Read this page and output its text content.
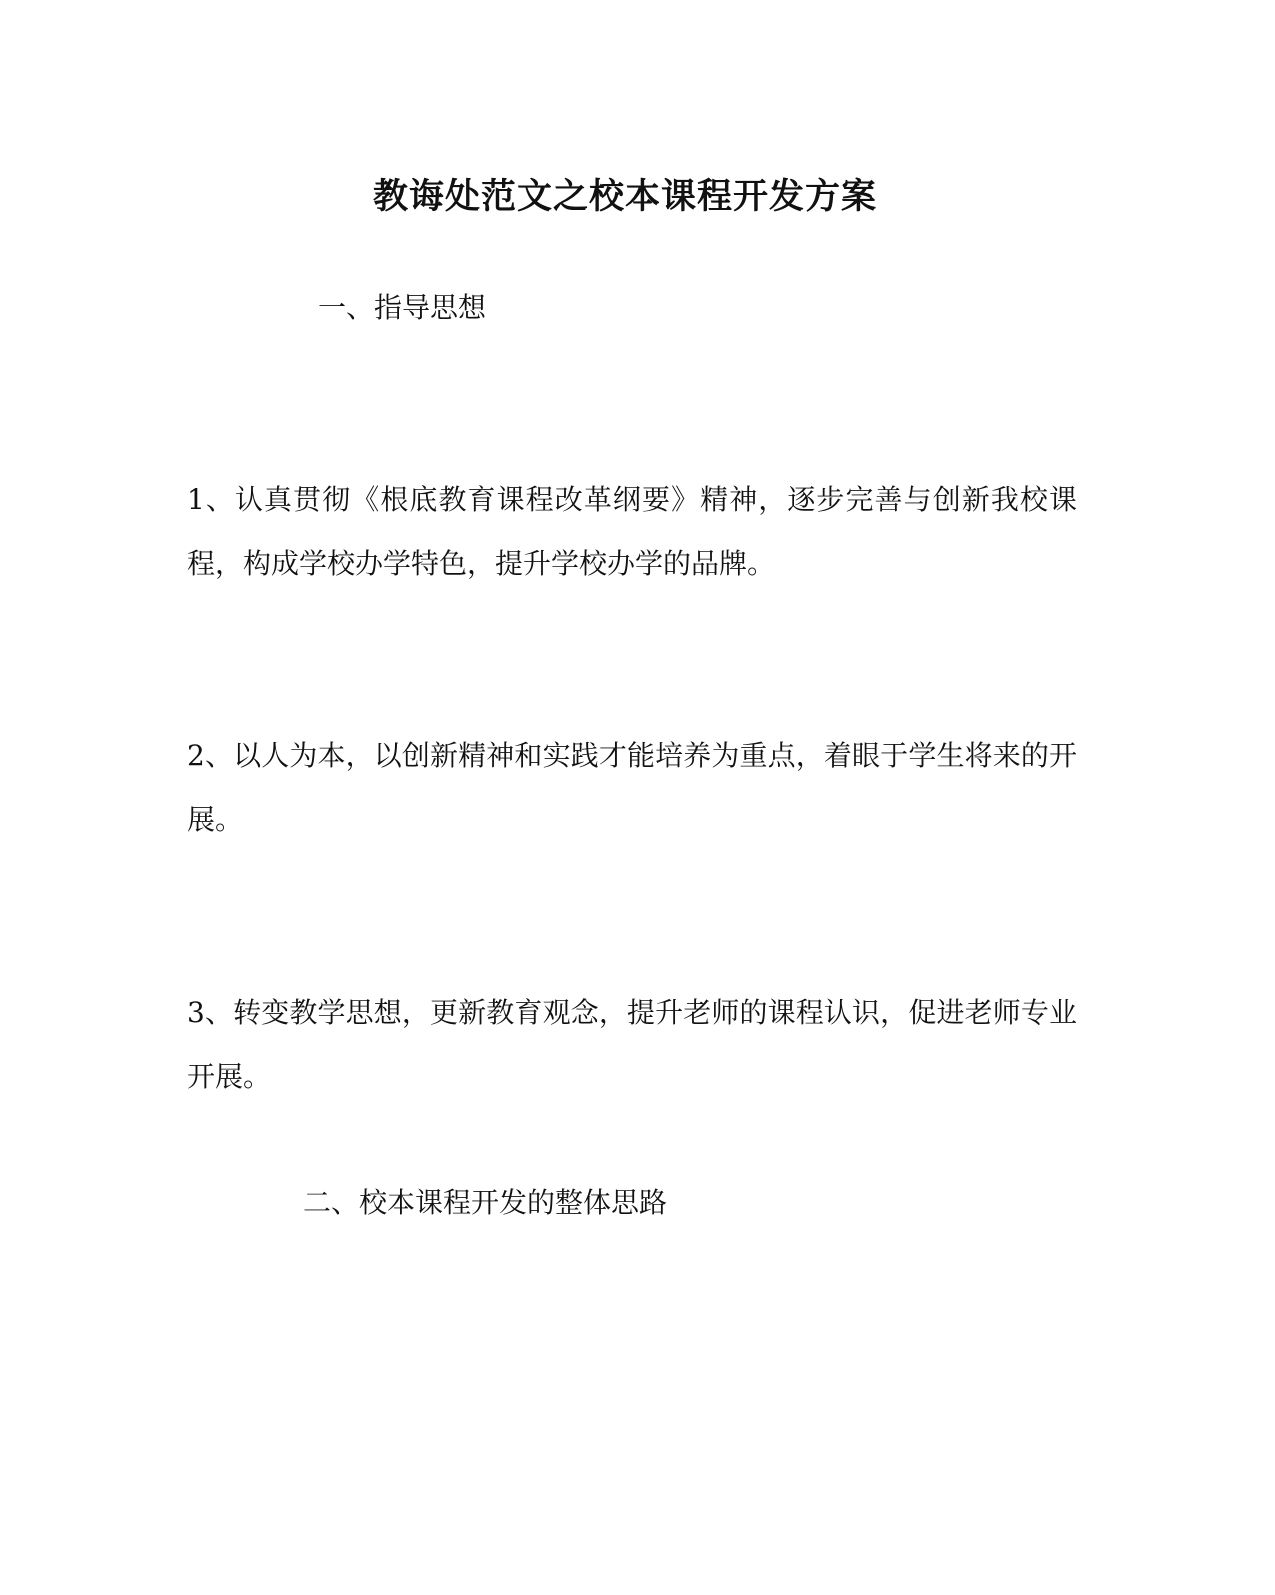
教诲处范文之校本课程开发方案
一、指导思想
1、认真贯彻《根底教育课程改革纲要》精神，逐步完善与创新我校课程，构成学校办学特色，提升学校办学的品牌。
2、以人为本，以创新精神和实践才能培养为重点，着眼于学生将来的开展。
3、转变教学思想，更新教育观念，提升老师的课程认识，促进老师专业开展。
二、校本课程开发的整体思路
